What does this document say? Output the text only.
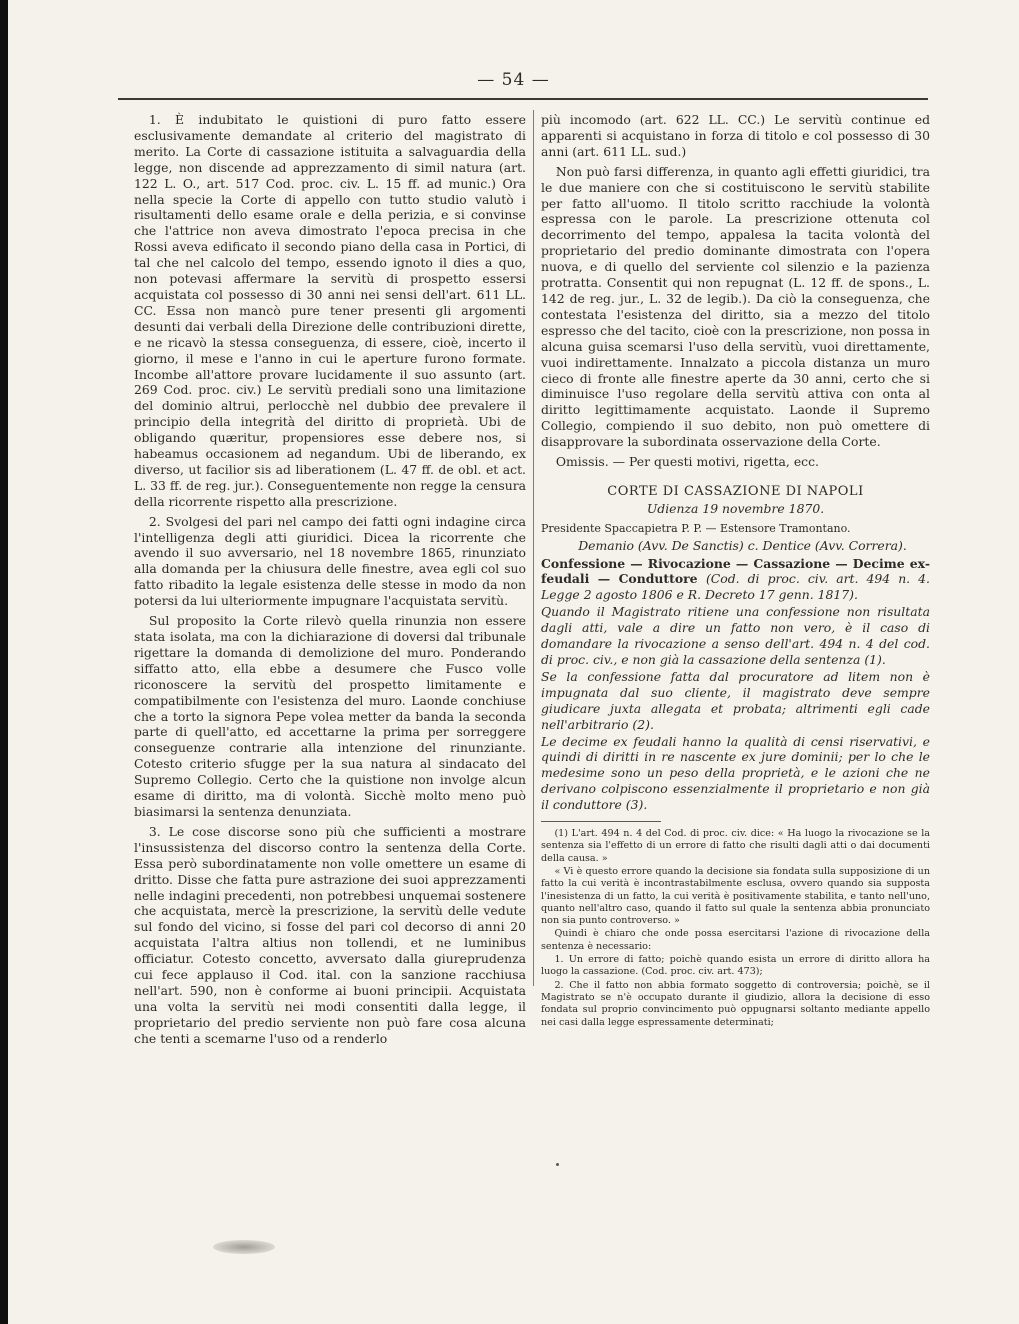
— 54 —

1. È indubitato le quistioni di puro fatto essere esclusivamente demandate al criterio del magistrato di merito. La Corte di cassazione istituita a salvaguardia della legge, non discende ad apprezzamento di simil natura (art. 122 L. O., art. 517 Cod. proc. civ. L. 15 ff. ad munic.) Ora nella specie la Corte di appello con tutto studio valutò i risultamenti dello esame orale e della perizia, e si convinse che l'attrice non aveva dimostrato l'epoca precisa in che Rossi aveva edificato il secondo piano della casa in Portici, di tal che nel calcolo del tempo, essendo ignoto il dies a quo, non potevasi affermare la servitù di prospetto essersi acquistata col possesso di 30 anni nei sensi dell'art. 611 LL. CC. Essa non mancò pure tener presenti gli argomenti desunti dai verbali della Direzione delle contribuzioni dirette, e ne ricavò la stessa conseguenza, di essere, cioè, incerto il giorno, il mese e l'anno in cui le aperture furono formate. Incombe all'attore provare lucidamente il suo assunto (art. 269 Cod. proc. civ.) Le servitù prediali sono una limitazione del dominio altrui, perlocchè nel dubbio dee prevalere il principio della integrità del diritto di proprietà. Ubi de obligando quæritur, propensiores esse debere nos, si habeamus occasionem ad negandum. Ubi de liberando, ex diverso, ut facilior sis ad liberationem (L. 47 ff. de obl. et act. L. 33 ff. de reg. jur.). Conseguentemente non regge la censura della ricorrente rispetto alla prescrizione.

2. Svolgesi del pari nel campo dei fatti ogni indagine circa l'intelligenza degli atti giuridici. Dicea la ricorrente che avendo il suo avversario, nel 18 novembre 1865, rinunziato alla domanda per la chiusura delle finestre, avea egli col suo fatto ribadito la legale esistenza delle stesse in modo da non potersi da lui ulteriormente impugnare l'acquistata servitù.

Sul proposito la Corte rilevò quella rinunzia non essere stata isolata, ma con la dichiarazione di doversi dal tribunale rigettare la domanda di demolizione del muro. Ponderando siffatto atto, ella ebbe a desumere che Fusco volle riconoscere la servitù del prospetto limitamente e compatibilmente con l'esistenza del muro. Laonde conchiuse che a torto la signora Pepe volea metter da banda la seconda parte di quell'atto, ed accettarne la prima per sorreggere conseguenze contrarie alla intenzione del rinunziante. Cotesto criterio sfugge per la sua natura al sindacato del Supremo Collegio. Certo che la quistione non involge alcun esame di diritto, ma di volontà. Sicchè molto meno può biasimarsi la sentenza denunziata.

3. Le cose discorse sono più che sufficienti a mostrare l'insussistenza del discorso contro la sentenza della Corte. Essa però subordinatamente non volle omettere un esame di dritto. Disse che fatta pure astrazione dei suoi apprezzamenti nelle indagini precedenti, non potrebbesi unquemai sostenere che acquistata, mercè la prescrizione, la servitù delle vedute sul fondo del vicino, si fosse del pari col decorso di anni 20 acquistata l'altra altius non tollendi, et ne luminibus officiatur. Cotesto concetto, avversato dalla giureprudenza cui fece applauso il Cod. ital. con la sanzione racchiusa nell'art. 590, non è conforme ai buoni principii. Acquistata una volta la servitù nei modi consentiti dalla legge, il proprietario del predio serviente non può fare cosa alcuna che tenti a scemarne l'uso od a renderlo

più incomodo (art. 622 LL. CC.) Le servitù continue ed apparenti si acquistano in forza di titolo e col possesso di 30 anni (art. 611 LL. sud.)

Non può farsi differenza, in quanto agli effetti giuridici, tra le due maniere con che si costituiscono le servitù stabilite per fatto all'uomo. Il titolo scritto racchiude la volontà espressa con le parole. La prescrizione ottenuta col decorrimento del tempo, appalesa la tacita volontà del proprietario del predio dominante dimostrata con l'opera nuova, e di quello del serviente col silenzio e la pazienza protratta. Consentit qui non repugnat (L. 12 ff. de spons., L. 142 de reg. jur., L. 32 de legib.). Da ciò la conseguenza, che contestata l'esistenza del diritto, sia a mezzo del titolo espresso che del tacito, cioè con la prescrizione, non possa in alcuna guisa scemarsi l'uso della servitù, vuoi direttamente, vuoi indirettamente. Innalzato a piccola distanza un muro cieco di fronte alle finestre aperte da 30 anni, certo che si diminuisce l'uso regolare della servitù attiva con onta al diritto legittimamente acquistato. Laonde il Supremo Collegio, compiendo il suo debito, non può omettere di disapprovare la subordinata osservazione della Corte.

Omissis. — Per questi motivi, rigetta, ecc.

CORTE DI CASSAZIONE DI NAPOLI
Udienza 19 novembre 1870.

Presidente Spaccapietra P. P. — Estensore Tramontano.

Demanio (Avv. De Sanctis) c. Dentice (Avv. Correra).

Confessione — Rivocazione — Cassazione — Decime ex-feudali — Conduttore (Cod. di proc. civ. art. 494 n. 4. Legge 2 agosto 1806 e R. Decreto 17 genn. 1817).

Quando il Magistrato ritiene una confessione non risultata dagli atti, vale a dire un fatto non vero, è il caso di domandare la rivocazione a senso dell'art. 494 n. 4 del cod. di proc. civ., e non già la cassazione della sentenza (1).

Se la confessione fatta dal procuratore ad litem non è impugnata dal suo cliente, il magistrato deve sempre giudicare juxta allegata et probata; altrimenti egli cade nell'arbitrario (2).

Le decime ex feudali hanno la qualità di censi riservativi, e quindi di diritti in re nascente ex jure dominii; per lo che le medesime sono un peso della proprietà, e le azioni che ne derivano colpiscono essenzialmente il proprietario e non già il conduttore (3).

(1) L'art. 494 n. 4 del Cod. di proc. civ. dice: « Ha luogo la rivocazione se la sentenza sia l'effetto di un errore di fatto che risulti dagli atti o dai documenti della causa. »

« Vi è questo errore quando la decisione sia fondata sulla supposizione di un fatto la cui verità è incontrastabilmente esclusa, ovvero quando sia supposta l'inesistenza di un fatto, la cui verità è positivamente stabilita, e tanto nell'uno, quanto nell'altro caso, quando il fatto sul quale la sentenza abbia pronunciato non sia punto controverso. »

Quindi è chiaro che onde possa esercitarsi l'azione di rivocazione della sentenza è necessario:

1. Un errore di fatto; poichè quando esista un errore di diritto allora ha luogo la cassazione. (Cod. proc. civ. art. 473);

2. Che il fatto non abbia formato soggetto di controversia; poichè, se il Magistrato se n'è occupato durante il giudizio, allora la decisione di esso fondata sul proprio convincimento può oppugnarsi soltanto mediante appello nei casi dalla legge espressamente determinati;
